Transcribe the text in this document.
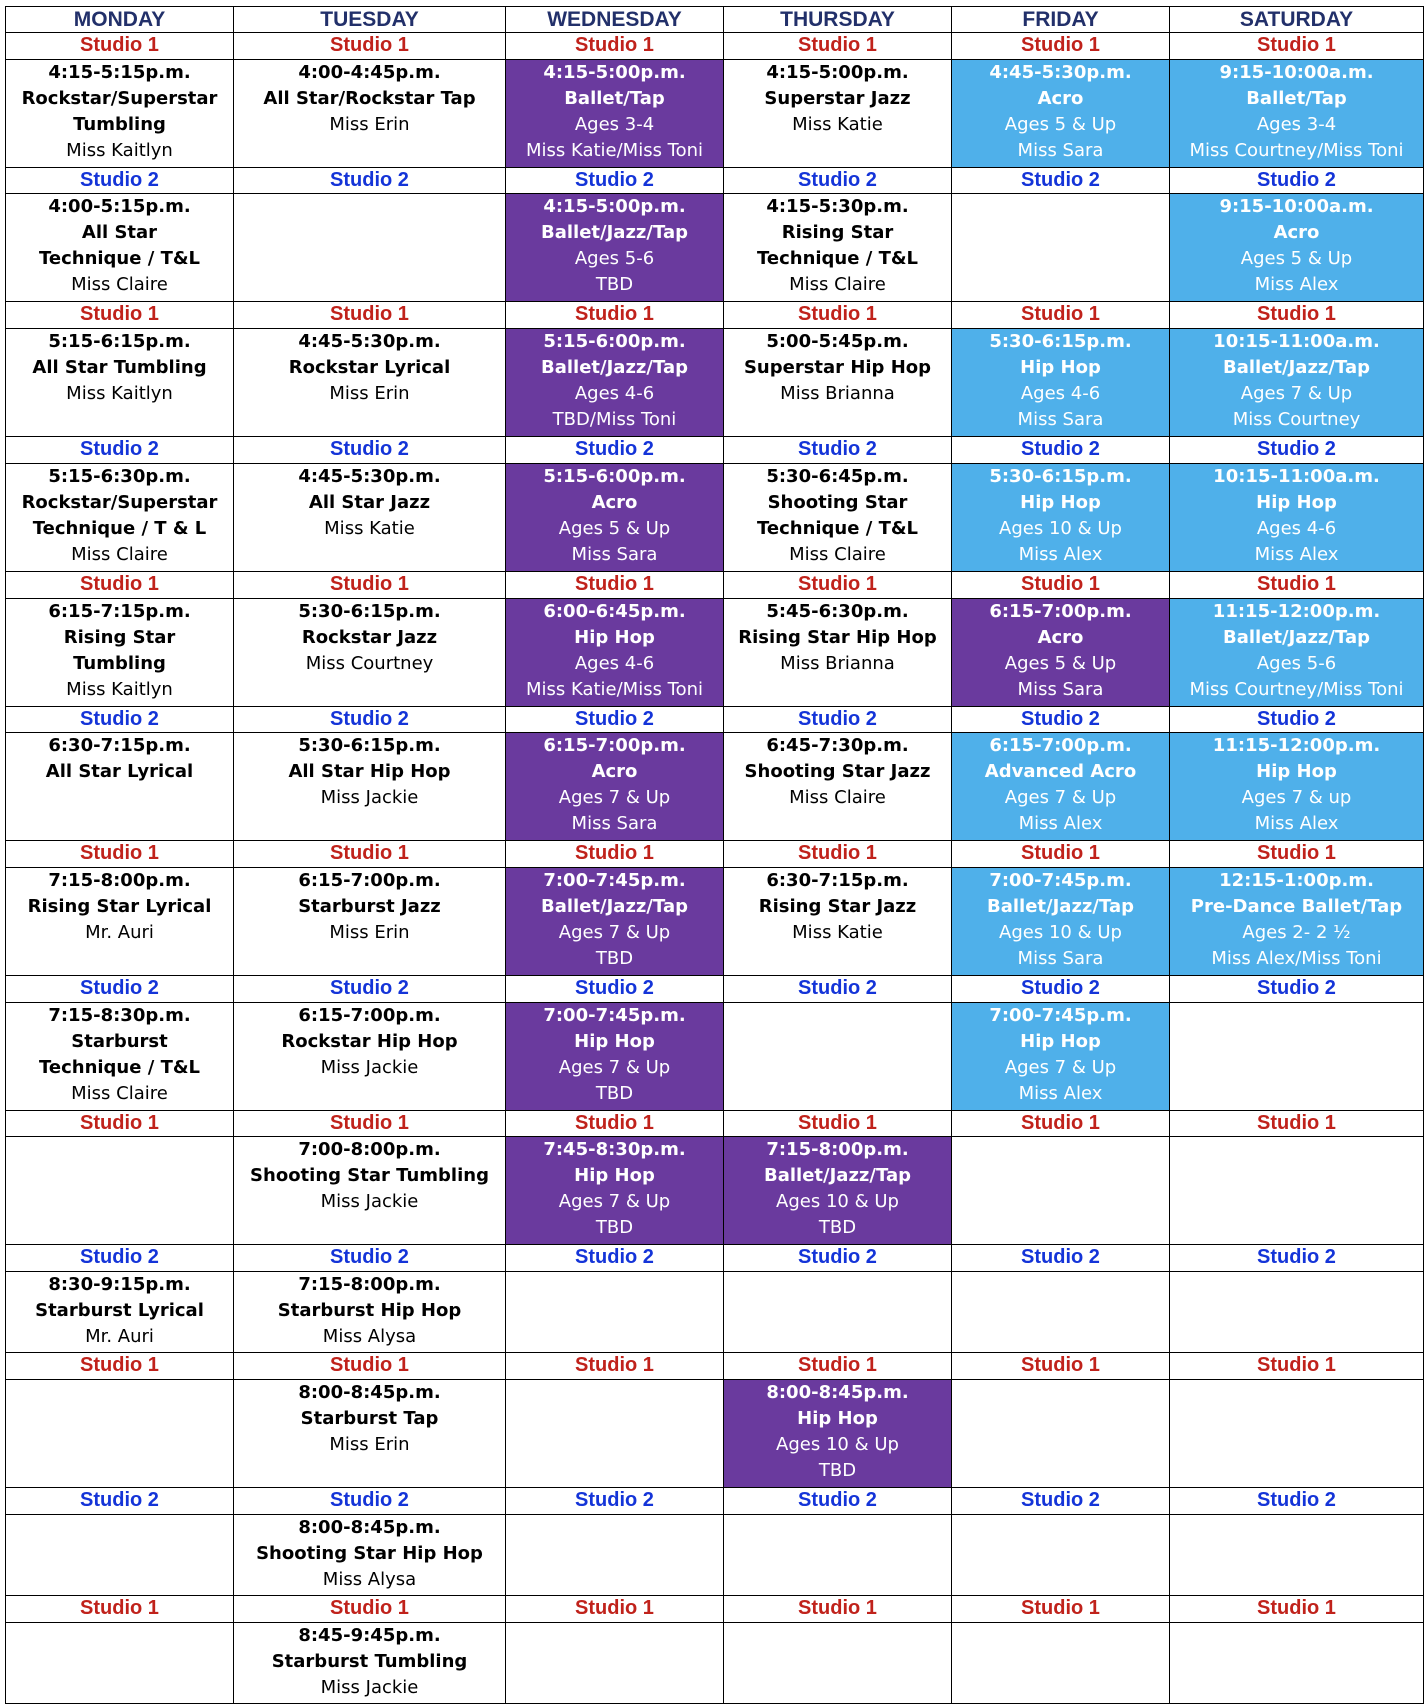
MONDAY	TUESDAY	WEDNESDAY	THURSDAY	FRIDAY	SATURDAY
Studio 1	Studio 1	Studio 1	Studio 1	Studio 1	Studio 1

4:15-5:15p.m.
Rockstar/Superstar
Tumbling
Miss Kaitlyn	4:00-4:45p.m.
All Star/Rockstar Tap
Miss Erin	4:15-5:00p.m.
Ballet/Tap
Ages 3-4
Miss Katie/Miss Toni	4:15-5:00p.m.
Superstar Jazz
Miss Katie	4:45-5:30p.m.
Acro
Ages 5 & Up
Miss Sara	9:15-10:00a.m.
Ballet/Tap
Ages 3-4
Miss Courtney/Miss Toni

Studio 2	Studio 2	Studio 2	Studio 2	Studio 2	Studio 2

4:00-5:15p.m.
All Star
Technique / T&L
Miss Claire		4:15-5:00p.m.
Ballet/Jazz/Tap
Ages 5-6
TBD	4:15-5:30p.m.
Rising Star
Technique / T&L
Miss Claire		9:15-10:00a.m.
Acro
Ages 5 & Up
Miss Alex

Studio 1	Studio 1	Studio 1	Studio 1	Studio 1	Studio 1

5:15-6:15p.m.
All Star Tumbling
Miss Kaitlyn	4:45-5:30p.m.
Rockstar Lyrical
Miss Erin	5:15-6:00p.m.
Ballet/Jazz/Tap
Ages 4-6
TBD/Miss Toni	5:00-5:45p.m.
Superstar Hip Hop
Miss Brianna	5:30-6:15p.m.
Hip Hop
Ages 4-6
Miss Sara	10:15-11:00a.m.
Ballet/Jazz/Tap
Ages 7 & Up
Miss Courtney

Studio 2	Studio 2	Studio 2	Studio 2	Studio 2	Studio 2

5:15-6:30p.m.
Rockstar/Superstar
Technique / T & L
Miss Claire	4:45-5:30p.m.
All Star Jazz
Miss Katie	5:15-6:00p.m.
Acro
Ages 5 & Up
Miss Sara	5:30-6:45p.m.
Shooting Star
Technique / T&L
Miss Claire	5:30-6:15p.m.
Hip Hop
Ages 10 & Up
Miss Alex	10:15-11:00a.m.
Hip Hop
Ages 4-6
Miss Alex

Studio 1	Studio 1	Studio 1	Studio 1	Studio 1	Studio 1

6:15-7:15p.m.
Rising Star
Tumbling
Miss Kaitlyn	5:30-6:15p.m.
Rockstar Jazz
Miss Courtney	6:00-6:45p.m.
Hip Hop
Ages 4-6
Miss Katie/Miss Toni	5:45-6:30p.m.
Rising Star Hip Hop
Miss Brianna	6:15-7:00p.m.
Acro
Ages 5 & Up
Miss Sara	11:15-12:00p.m.
Ballet/Jazz/Tap
Ages 5-6
Miss Courtney/Miss Toni

Studio 2	Studio 2	Studio 2	Studio 2	Studio 2	Studio 2

6:30-7:15p.m.
All Star Lyrical	5:30-6:15p.m.
All Star Hip Hop
Miss Jackie	6:15-7:00p.m.
Acro
Ages 7 & Up
Miss Sara	6:45-7:30p.m.
Shooting Star Jazz
Miss Claire	6:15-7:00p.m.
Advanced Acro
Ages 7 & Up
Miss Alex	11:15-12:00p.m.
Hip Hop
Ages 7 & up
Miss Alex

Studio 1	Studio 1	Studio 1	Studio 1	Studio 1	Studio 1

7:15-8:00p.m.
Rising Star Lyrical
Mr. Auri	6:15-7:00p.m.
Starburst Jazz
Miss Erin	7:00-7:45p.m.
Ballet/Jazz/Tap
Ages 7 & Up
TBD	6:30-7:15p.m.
Rising Star Jazz
Miss Katie	7:00-7:45p.m.
Ballet/Jazz/Tap
Ages 10 & Up
Miss Sara	12:15-1:00p.m.
Pre-Dance Ballet/Tap
Ages 2- 2 ½
Miss Alex/Miss Toni

Studio 2	Studio 2	Studio 2	Studio 2	Studio 2	Studio 2

7:15-8:30p.m.
Starburst
Technique / T&L
Miss Claire	6:15-7:00p.m.
Rockstar Hip Hop
Miss Jackie	7:00-7:45p.m.
Hip Hop
Ages 7 & Up
TBD		7:00-7:45p.m.
Hip Hop
Ages 7 & Up
Miss Alex	

Studio 1	Studio 1	Studio 1	Studio 1	Studio 1	Studio 1

	7:00-8:00p.m.
Shooting Star Tumbling
Miss Jackie	7:45-8:30p.m.
Hip Hop
Ages 7 & Up
TBD	7:15-8:00p.m.
Ballet/Jazz/Tap
Ages 10 & Up
TBD		

Studio 2	Studio 2	Studio 2	Studio 2	Studio 2	Studio 2

8:30-9:15p.m.
Starburst Lyrical
Mr. Auri	7:15-8:00p.m.
Starburst Hip Hop
Miss Alysa				

Studio 1	Studio 1	Studio 1	Studio 1	Studio 1	Studio 1

	8:00-8:45p.m.
Starburst Tap
Miss Erin		8:00-8:45p.m.
Hip Hop
Ages 10 & Up
TBD		

Studio 2	Studio 2	Studio 2	Studio 2	Studio 2	Studio 2

	8:00-8:45p.m.
Shooting Star Hip Hop
Miss Alysa				

Studio 1	Studio 1	Studio 1	Studio 1	Studio 1	Studio 1

	8:45-9:45p.m.
Starburst Tumbling
Miss Jackie				
